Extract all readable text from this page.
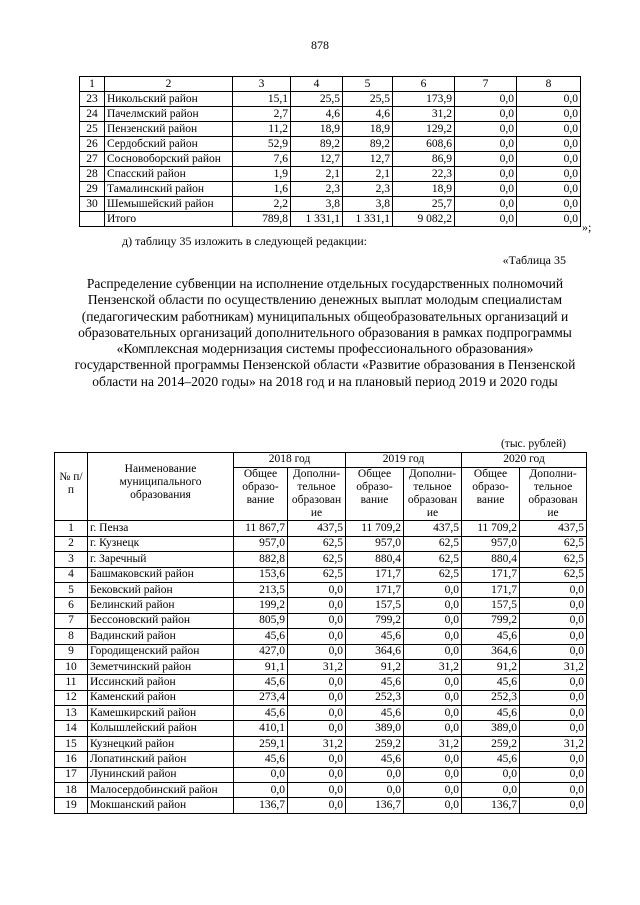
878
1	2	3	4	5	6	7	8
23	Никольский район	15,1	25,5	25,5	173,9	0,0	0,0
24	Пачелмский район	2,7	4,6	4,6	31,2	0,0	0,0
25	Пензенский район	11,2	18,9	18,9	129,2	0,0	0,0
26	Сердобский район	52,9	89,2	89,2	608,6	0,0	0,0
27	Сосновоборский район	7,6	12,7	12,7	86,9	0,0	0,0
28	Спасский район	1,9	2,1	2,1	22,3	0,0	0,0
29	Тамалинский район	1,6	2,3	2,3	18,9	0,0	0,0
30	Шемышейский район	2,2	3,8	3,8	25,7	0,0	0,0
	Итого	789,8	1 331,1	1 331,1	9 082,2	0,0	0,0
»;
д) таблицу 35 изложить в следующей редакции:
«Таблица 35
Распределение субвенции на исполнение отдельных государственных полномочий Пензенской области по осуществлению денежных выплат молодым специалистам (педагогическим работникам) муниципальных общеобразовательных организаций и образовательных организаций дополнительного образования в рамках подпрограммы «Комплексная модернизация системы профессионального образования» государственной программы Пензенской области «Развитие образования в Пензенской области на 2014–2020 годы» на 2018 год и на плановый период 2019 и 2020 годы
(тыс. рублей)
№ п/п	Наименование муниципального образования	2018 год		2019 год		2020 год	
		Общее образо-вание	Дополни-тельное образован ие	Общее образо-вание	Дополни-тельное образован ие	Общее образо-вание	Дополни-тельное образован ие
1	г. Пенза	11 867,7	437,5	11 709,2	437,5	11 709,2	437,5
2	г. Кузнецк	957,0	62,5	957,0	62,5	957,0	62,5
3	г. Заречный	882,8	62,5	880,4	62,5	880,4	62,5
4	Башмаковский район	153,6	62,5	171,7	62,5	171,7	62,5
5	Бековский район	213,5	0,0	171,7	0,0	171,7	0,0
6	Белинский район	199,2	0,0	157,5	0,0	157,5	0,0
7	Бессоновский район	805,9	0,0	799,2	0,0	799,2	0,0
8	Вадинский район	45,6	0,0	45,6	0,0	45,6	0,0
9	Городищенский район	427,0	0,0	364,6	0,0	364,6	0,0
10	Земетчинский район	91,1	31,2	91,2	31,2	91,2	31,2
11	Иссинский район	45,6	0,0	45,6	0,0	45,6	0,0
12	Каменский район	273,4	0,0	252,3	0,0	252,3	0,0
13	Камешкирский район	45,6	0,0	45,6	0,0	45,6	0,0
14	Колышлейский район	410,1	0,0	389,0	0,0	389,0	0,0
15	Кузнецкий район	259,1	31,2	259,2	31,2	259,2	31,2
16	Лопатинский район	45,6	0,0	45,6	0,0	45,6	0,0
17	Лунинский район	0,0	0,0	0,0	0,0	0,0	0,0
18	Малосердобинский район	0,0	0,0	0,0	0,0	0,0	0,0
19	Мокшанский район	136,7	0,0	136,7	0,0	136,7	0,0
